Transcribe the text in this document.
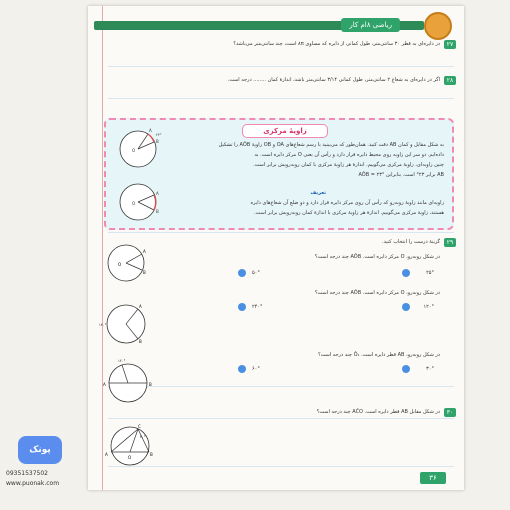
ریاضی ۸ام کار
۲۷
در دایره‌ای به قطر ۳۰ سانتی‌متر، طول کمانی از دایره که مساوی ۸π است، چند سانتی‌متر می‌باشد؟
۲۸
اگر در دایره‌ای به شعاع ۲ سانتی‌متر، طول کمانی ۳/۱۴ سانتی‌متر باشد، اندازهٔ کمان ........ درجه است.
زاویهٔ مرکزی
A
B
O
۲۳°
A
B
O
به شکل مقابل و کمان AB دقت کنید. همان‌طور که می‌بینید با رسم شعاع‌های OA و OB زاویهٔ AÔB را تشکیل
داده‌ایم. دو سر این زاویه روی محیط دایره قرار دارد و رأس آن یعنی O مرکز دایره است. به
چنین زاویه‌ای، زاویهٔ مرکزی می‌گوییم. اندازهٔ هر زاویهٔ مرکزی با کمان روبه‌رویش برابر است.
AB برابر ۲۳° است. بنابراین AÔB = ۲۳°
تعریف
زاویه‌ای مانند زاویهٔ روبه‌رو که رأس آن روی مرکز دایره قرار دارد و دو ضلع آن شعاع‌های دایره
هستند، زاویهٔ مرکزی می‌گوییم. اندازهٔ هر زاویهٔ مرکزی با اندازهٔ کمان روبه‌رویش برابر است.
۲۹
گزینهٔ درست را انتخاب کنید.
در شکل روبه‌رو، O مرکز دایره است. AÔB چند درجه است؟
۲۵°
۵۰°
A
B
O
در شکل روبه‌رو، O مرکز دایره است. AÔB چند درجه است؟
۱۲۰°
۲۴۰°
A
B
۱۲۰°
در شکل روبه‌رو، AB قطر دایره است. Ô₁ چند درجه است؟
۳۰°
۶۰°
۱۲۰°
A	B
۳۰
در شکل مقابل AB قطر دایره است. AĈO چند درجه است؟
A	B
C
O
۳۰°
۳۶
پونک
09351537502
www.puonak.com
